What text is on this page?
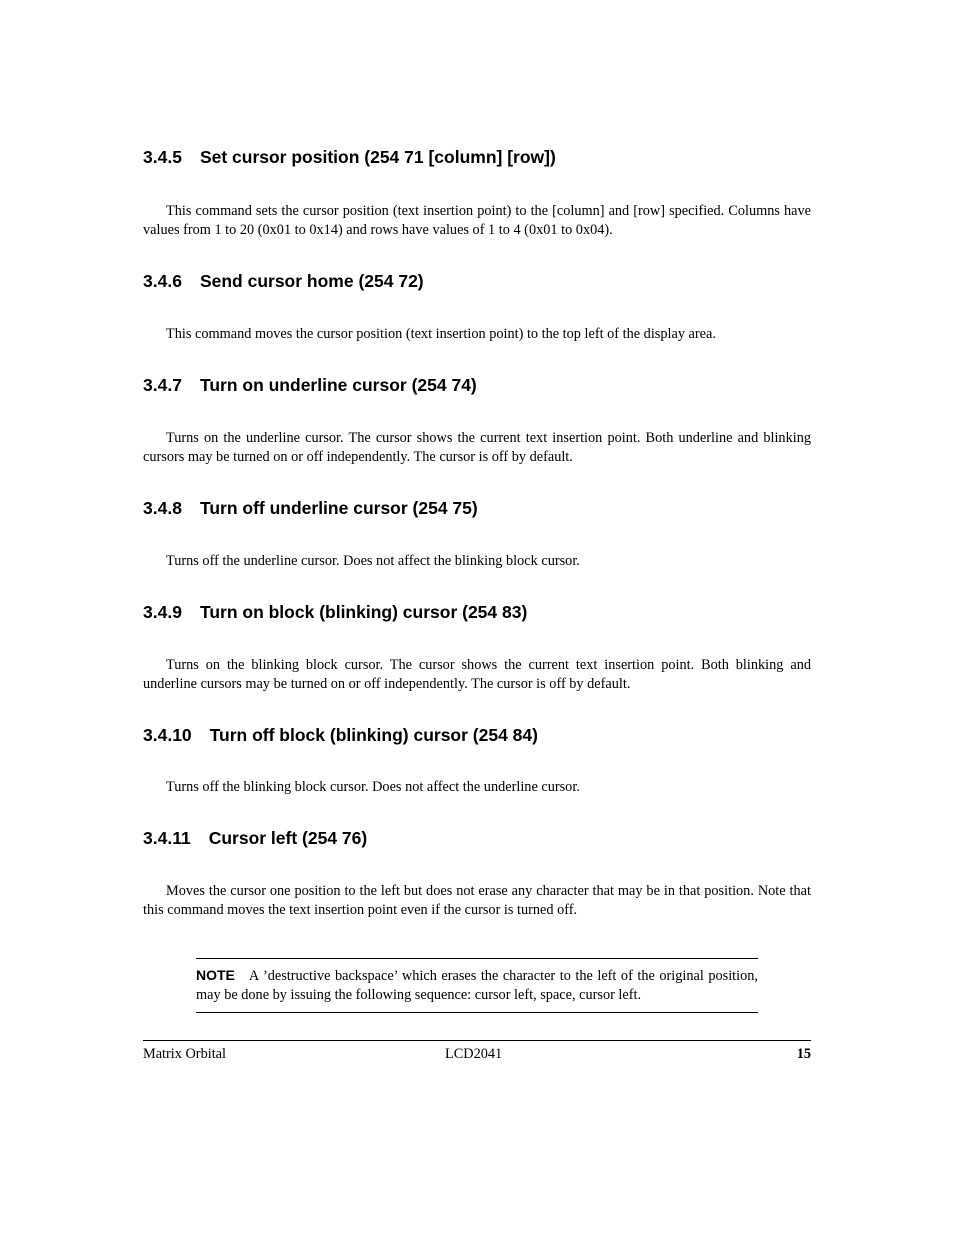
3.4.5 Set cursor position (254 71 [column] [row])

This command sets the cursor position (text insertion point) to the [column] and [row] specified. Columns have values from 1 to 20 (0x01 to 0x14) and rows have values of 1 to 4 (0x01 to 0x04).

3.4.6 Send cursor home (254 72)

This command moves the cursor position (text insertion point) to the top left of the display area.

3.4.7 Turn on underline cursor (254 74)

Turns on the underline cursor. The cursor shows the current text insertion point. Both underline and blinking cursors may be turned on or off independently. The cursor is off by default.

3.4.8 Turn off underline cursor (254 75)

Turns off the underline cursor. Does not affect the blinking block cursor.

3.4.9 Turn on block (blinking) cursor (254 83)

Turns on the blinking block cursor. The cursor shows the current text insertion point. Both blinking and underline cursors may be turned on or off independently. The cursor is off by default.

3.4.10 Turn off block (blinking) cursor (254 84)

Turns off the blinking block cursor. Does not affect the underline cursor.

3.4.11 Cursor left (254 76)

Moves the cursor one position to the left but does not erase any character that may be in that position. Note that this command moves the text insertion point even if the cursor is turned off.

NOTE A ’destructive backspace’ which erases the character to the left of the original position, may be done by issuing the following sequence: cursor left, space, cursor left.

Matrix Orbital	LCD2041	15
